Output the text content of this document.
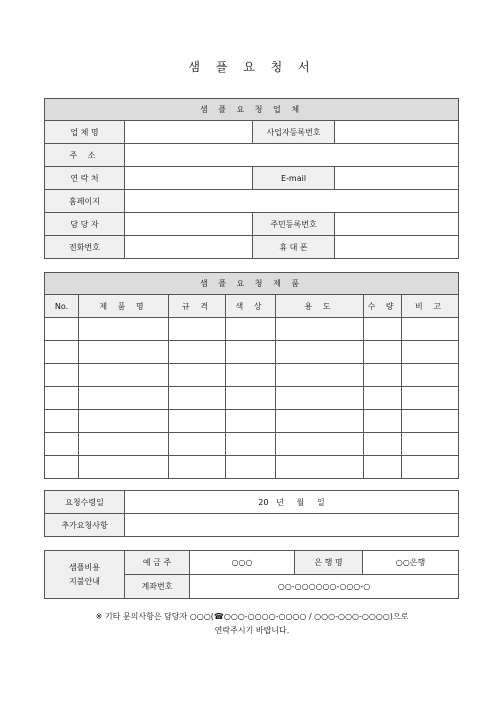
샘 플 요 청 서
샘 플 요 청 업 체			
업 체 명		사업자등록번호	
주 소			
연 락 처		E-mail	
홈페이지			
담 당 자		주민등록번호	
전화번호		휴 대 폰	
샘 플 요 청 제 품						
No.	제 품 명	규 격	색 상	용 도	수 량	비 고

요청수령일	20   년     월     일
추가요청사항	
샘플비용
지불안내	예 금 주	○○○	은 행 명	○○은행
	계좌번호	○○-○○○○○○-○○○-○		
※ 기타 문의사항은 담당자 ○○○(☎○○○-○○○○-○○○○ / ○○○-○○○-○○○○)으로
연락주시기 바랍니다.
